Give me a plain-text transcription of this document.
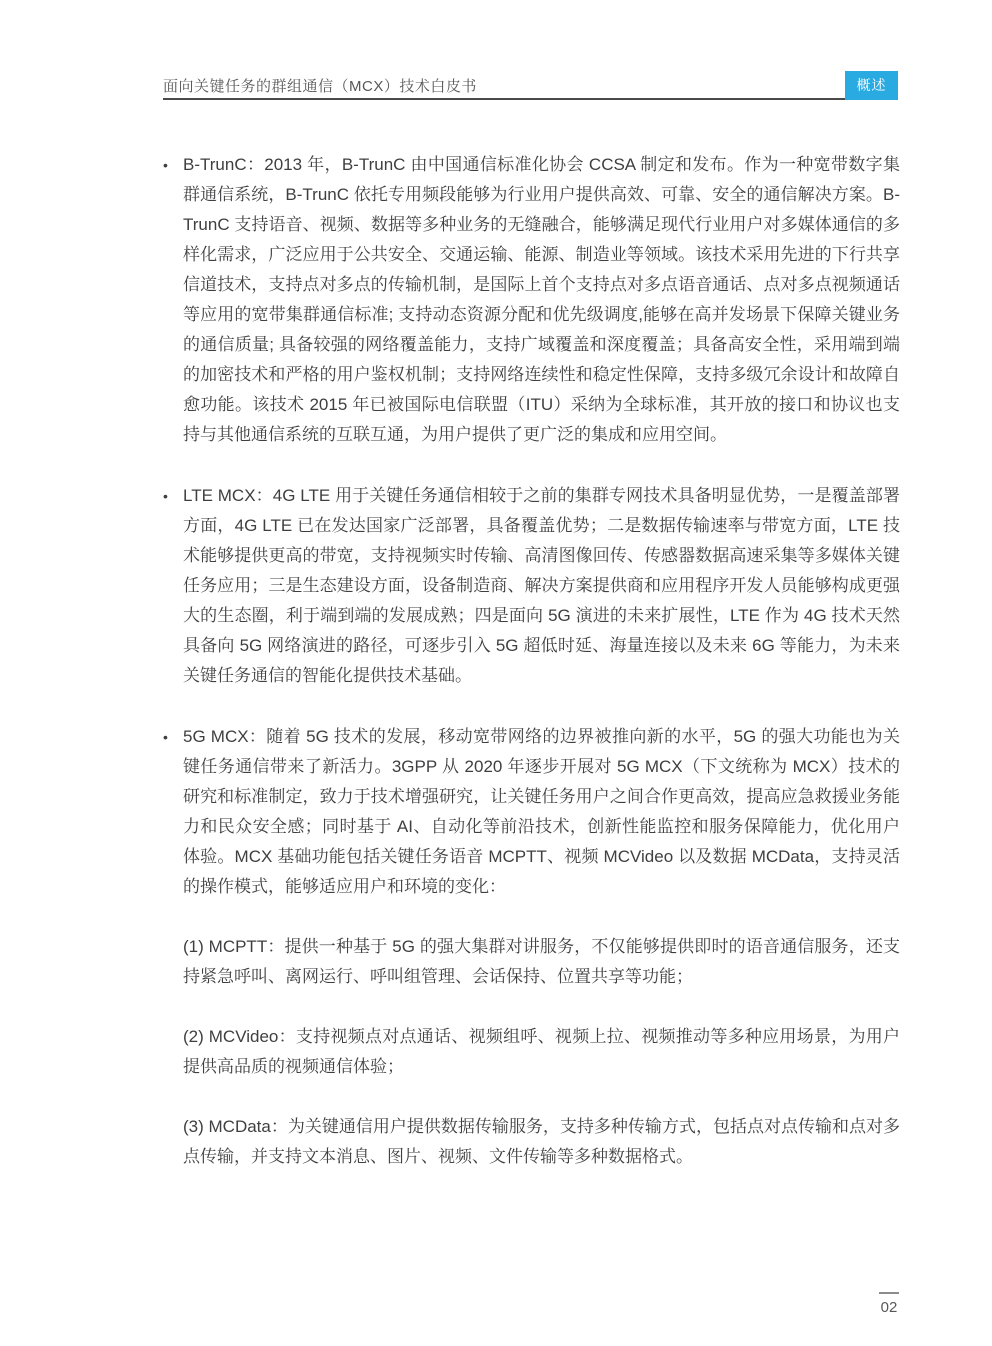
面向关键任务的群组通信（MCX）技术白皮书	概述
• B-TrunC：2013 年，B-TrunC 由中国通信标准化协会 CCSA 制定和发布。作为一种宽带数字集群通信系统，B-TrunC 依托专用频段能够为行业用户提供高效、可靠、安全的通信解决方案。B-TrunC 支持语音、视频、数据等多种业务的无缝融合，能够满足现代行业用户对多媒体通信的多样化需求，广泛应用于公共安全、交通运输、能源、制造业等领域。该技术采用先进的下行共享信道技术，支持点对多点的传输机制，是国际上首个支持点对多点语音通话、点对多点视频通话等应用的宽带集群通信标准; 支持动态资源分配和优先级调度,能够在高并发场景下保障关键业务的通信质量; 具备较强的网络覆盖能力，支持广域覆盖和深度覆盖；具备高安全性，采用端到端的加密技术和严格的用户鉴权机制；支持网络连续性和稳定性保障，支持多级冗余设计和故障自愈功能。该技术 2015 年已被国际电信联盟（ITU）采纳为全球标准，其开放的接口和协议也支持与其他通信系统的互联互通，为用户提供了更广泛的集成和应用空间。
• LTE MCX：4G LTE 用于关键任务通信相较于之前的集群专网技术具备明显优势，一是覆盖部署方面，4G LTE 已在发达国家广泛部署，具备覆盖优势；二是数据传输速率与带宽方面，LTE 技术能够提供更高的带宽，支持视频实时传输、高清图像回传、传感器数据高速采集等多媒体关键任务应用；三是生态建设方面，设备制造商、解决方案提供商和应用程序开发人员能够构成更强大的生态圈，利于端到端的发展成熟；四是面向 5G 演进的未来扩展性，LTE 作为 4G 技术天然具备向 5G 网络演进的路径，可逐步引入 5G 超低时延、海量连接以及未来 6G 等能力，为未来关键任务通信的智能化提供技术基础。
• 5G MCX：随着 5G 技术的发展，移动宽带网络的边界被推向新的水平，5G 的强大功能也为关键任务通信带来了新活力。3GPP 从 2020 年逐步开展对 5G MCX（下文统称为 MCX）技术的研究和标准制定，致力于技术增强研究，让关键任务用户之间合作更高效，提高应急救援业务能力和民众安全感；同时基于 AI、自动化等前沿技术，创新性能监控和服务保障能力，优化用户体验。MCX 基础功能包括关键任务语音 MCPTT、视频 MCVideo 以及数据 MCData，支持灵活的操作模式，能够适应用户和环境的变化：
(1) MCPTT：提供一种基于 5G 的强大集群对讲服务，不仅能够提供即时的语音通信服务，还支持紧急呼叫、离网运行、呼叫组管理、会话保持、位置共享等功能；
(2) MCVideo：支持视频点对点通话、视频组呼、视频上拉、视频推动等多种应用场景，为用户提供高品质的视频通信体验；
(3) MCData：为关键通信用户提供数据传输服务，支持多种传输方式，包括点对点传输和点对多点传输，并支持文本消息、图片、视频、文件传输等多种数据格式。
02
